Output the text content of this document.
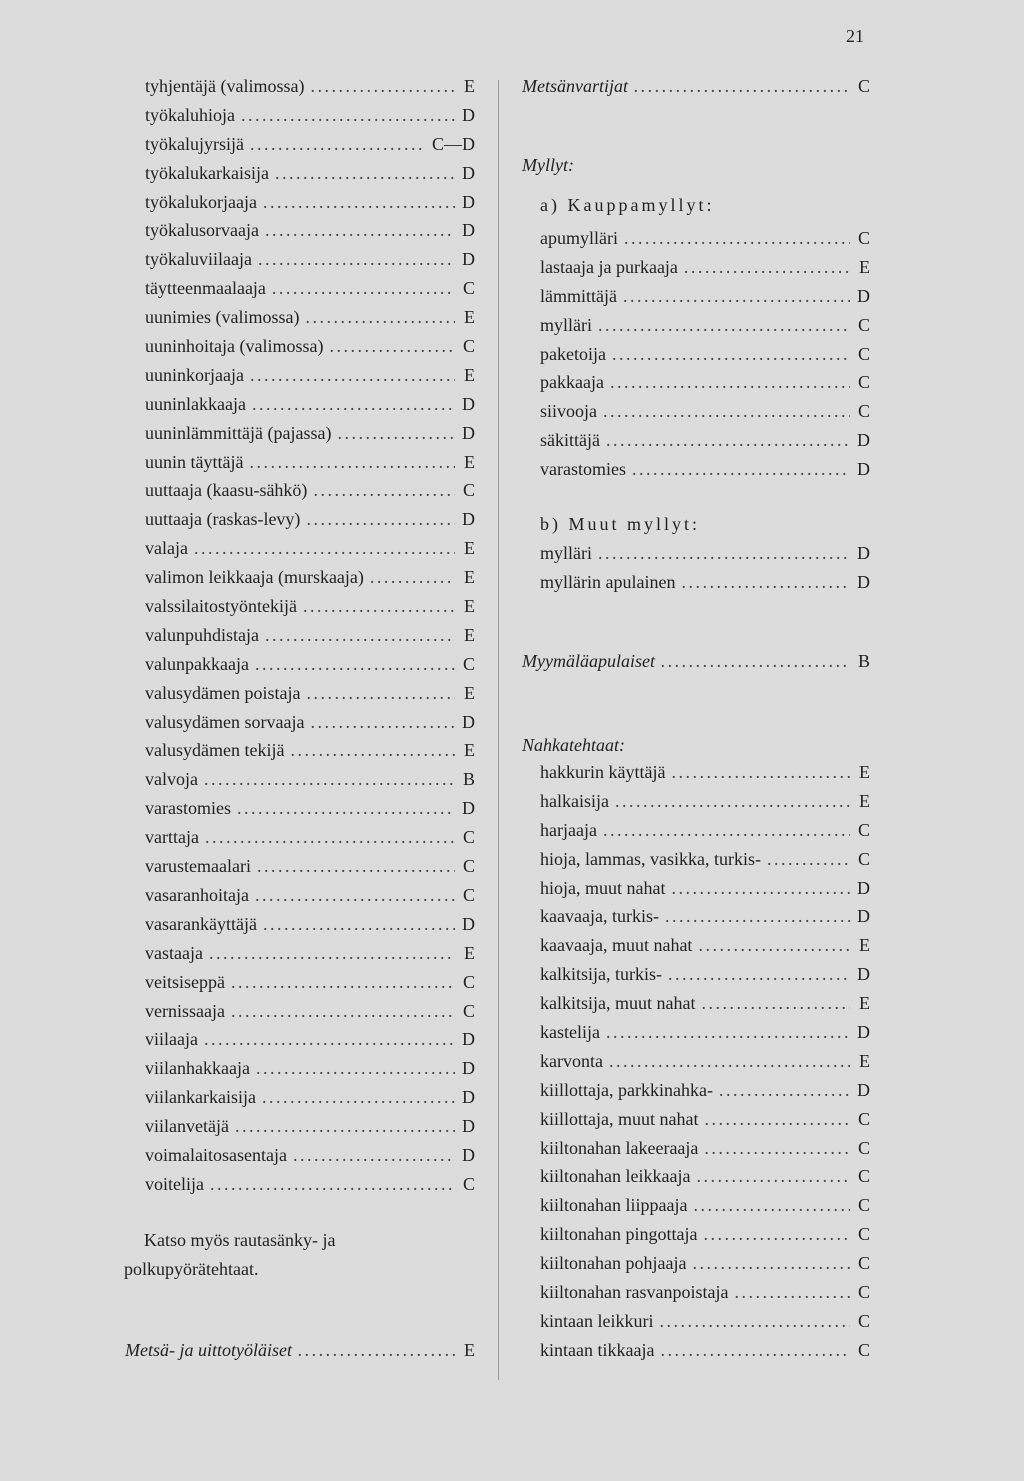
21
tyhjentäjä (valimossa) . . .	E
työkaluhioja . . .	D
työkalujyrsijä . . .	C—D
työkalukarkaisija . . .	D
työkalukorjaaja . . .	D
työkalusorvaaja . . .	D
työkaluviilaaja . . .	D
täytteenmaalaaja . . .	C
uunimies (valimossa) . . .	E
uuninhoitaja (valimossa) . . .	C
uuninkorjaaja . . .	E
uuninlakkaaja . . .	D
uuninlämmittäjä (pajassa) . . .	D
uunin täyttäjä . . .	E
uuttaaja (kaasu-sähkö) . . .	C
uuttaaja (raskas-levy) . . .	D
valaja . . .	E
valimon leikkaaja (murskaaja) . . .	E
valssilaitostyöntekijä . . .	E
valunpuhdistaja . . .	E
valunpakkaaja . . .	C
valusydämen poistaja . . .	E
valusydämen sorvaaja . . .	D
valusydämen tekijä . . .	E
valvoja . . .	B
varastomies . . .	D
varttaja . . .	C
varustemaalari . . .	C
vasaranhoitaja . . .	C
vasarankäyttäjä . . .	D
vastaaja . . .	E
veitsiseppä . . .	C
vernissaaja . . .	C
viilaaja . . .	D
viilanhakkaaja . . .	D
viilankarkaisija . . .	D
viilanvetäjä . . .	D
voimalaitosasentaja . . .	D
voitelija . . .	C
Katso myös rautasänky- ja polkupyörätehtaat.
Metsä- ja uittotyöläiset . . .	E
Metsänvartijat . . .	C
Myllyt:
a) Kauppamyllyt:
apumylläri . . .	C
lastaaja ja purkaaja . . .	E
lämmittäjä . . .	D
mylläri . . .	C
paketoija . . .	C
pakkaaja . . .	C
siivooja . . .	C
säkittäjä . . .	D
varastomies . . .	D
b) Muut myllyt:
mylläri . . .	D
myllärin apulainen . . .	D
Myymäläapulaiset . . .	B
Nahkatehtaat:
hakkurin käyttäjä . . .	E
halkaisija . . .	E
harjaaja . . .	C
hioja, lammas, vasikka, turkis- . . .	C
hioja, muut nahat . . .	D
kaavaaja, turkis- . . .	D
kaavaaja, muut nahat . . .	E
kalkitsija, turkis- . . .	D
kalkitsija, muut nahat . . .	E
kastelija . . .	D
karvonta . . .	E
kiillottaja, parkkinahka- . . .	D
kiillottaja, muut nahat . . .	C
kiiltonahan lakeeraaja . . .	C
kiiltonahan leikkaaja . . .	C
kiiltonahan liippaaja . . .	C
kiiltonahan pingottaja . . .	C
kiiltonahan pohjaaja . . .	C
kiiltonahan rasvanpoistaja . . .	C
kintaan leikkuri . . .	C
kintaan tikkaaja . . .	C
